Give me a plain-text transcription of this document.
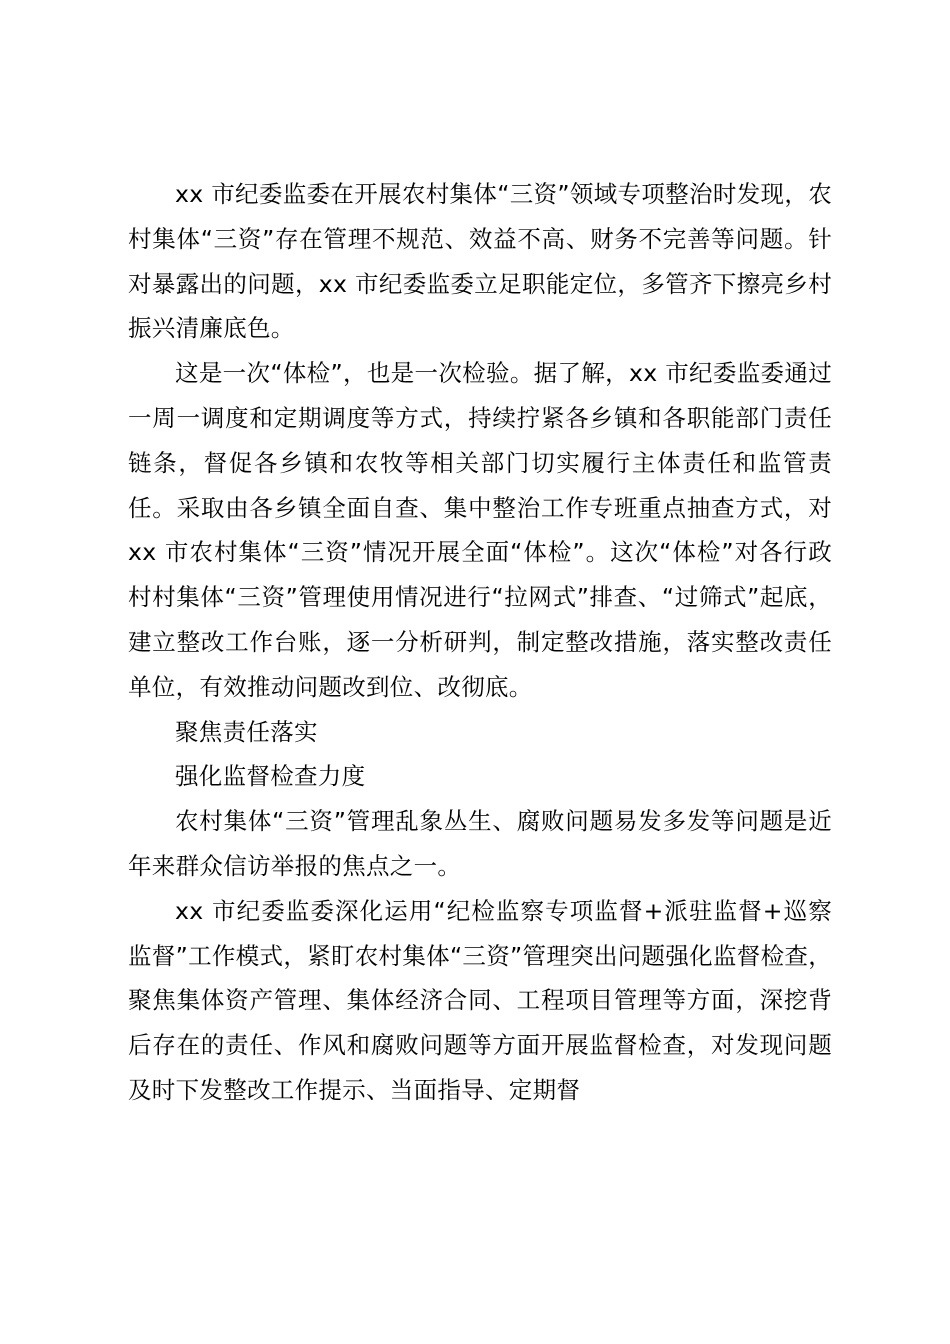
xx 市纪委监委在开展农村集体“三资”领域专项整治时发现，农村集体“三资”存在管理不规范、效益不高、财务不完善等问题。针对暴露出的问题，xx 市纪委监委立足职能定位，多管齐下擦亮乡村振兴清廉底色。

这是一次“体检”，也是一次检验。据了解，xx 市纪委监委通过一周一调度和定期调度等方式，持续拧紧各乡镇和各职能部门责任链条，督促各乡镇和农牧等相关部门切实履行主体责任和监管责任。采取由各乡镇全面自查、集中整治工作专班重点抽查方式，对 xx 市农村集体“三资”情况开展全面“体检”。这次“体检”对各行政村村集体“三资”管理使用情况进行“拉网式”排查、“过筛式”起底，建立整改工作台账，逐一分析研判，制定整改措施，落实整改责任单位，有效推动问题改到位、改彻底。

聚焦责任落实

强化监督检查力度

农村集体“三资”管理乱象丛生、腐败问题易发多发等问题是近年来群众信访举报的焦点之一。

xx 市纪委监委深化运用“纪检监察专项监督+派驻监督+巡察监督”工作模式，紧盯农村集体“三资”管理突出问题强化监督检查，聚焦集体资产管理、集体经济合同、工程项目管理等方面，深挖背后存在的责任、作风和腐败问题等方面开展监督检查，对发现问题及时下发整改工作提示、当面指导、定期督
